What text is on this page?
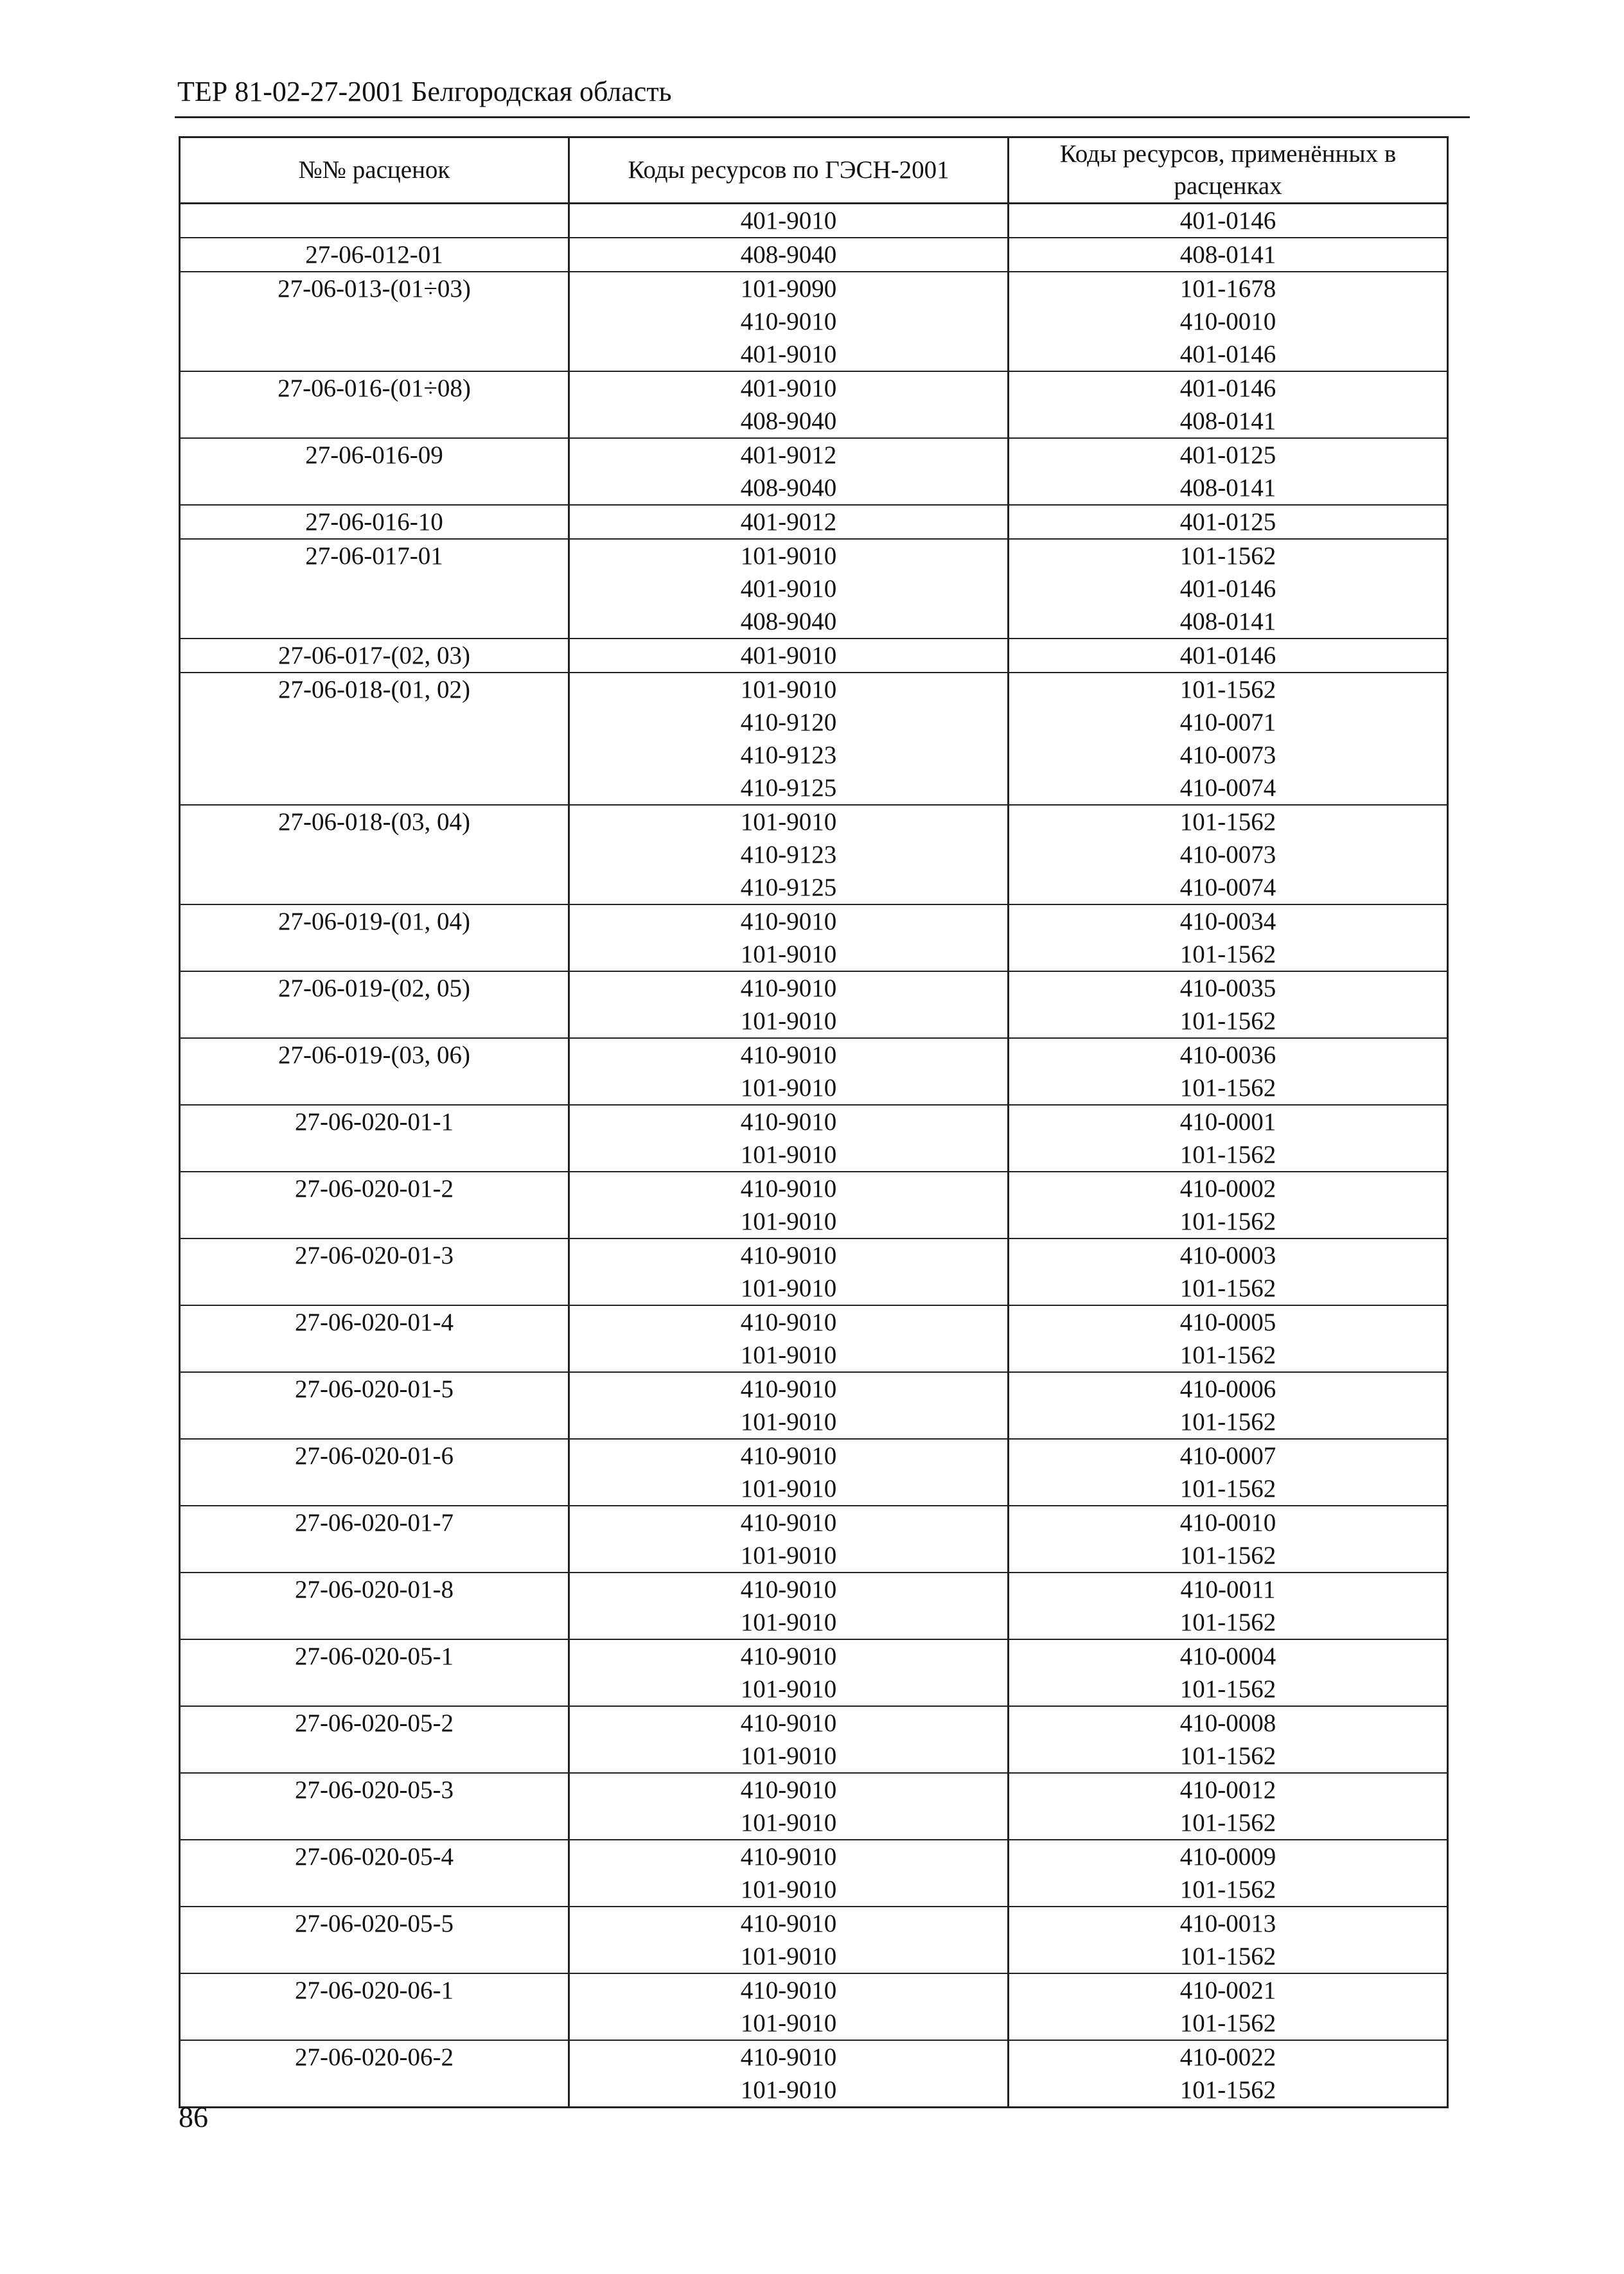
ТЕР 81-02-27-2001 Белгородская область
№№ расценок	Коды ресурсов по ГЭСН-2001	Коды ресурсов, применённых в расценках
	401-9010	401-0146
27-06-012-01	408-9040	408-0141
27-06-013-(01÷03)	101-9090	101-1678
	410-9010	410-0010
	401-9010	401-0146
27-06-016-(01÷08)	401-9010	401-0146
	408-9040	408-0141
27-06-016-09	401-9012	401-0125
	408-9040	408-0141
27-06-016-10	401-9012	401-0125
27-06-017-01	101-9010	101-1562
	401-9010	401-0146
	408-9040	408-0141
27-06-017-(02, 03)	401-9010	401-0146
27-06-018-(01, 02)	101-9010	101-1562
	410-9120	410-0071
	410-9123	410-0073
	410-9125	410-0074
27-06-018-(03, 04)	101-9010	101-1562
	410-9123	410-0073
	410-9125	410-0074
27-06-019-(01, 04)	410-9010	410-0034
	101-9010	101-1562
27-06-019-(02, 05)	410-9010	410-0035
	101-9010	101-1562
27-06-019-(03, 06)	410-9010	410-0036
	101-9010	101-1562
27-06-020-01-1	410-9010	410-0001
	101-9010	101-1562
27-06-020-01-2	410-9010	410-0002
	101-9010	101-1562
27-06-020-01-3	410-9010	410-0003
	101-9010	101-1562
27-06-020-01-4	410-9010	410-0005
	101-9010	101-1562
27-06-020-01-5	410-9010	410-0006
	101-9010	101-1562
27-06-020-01-6	410-9010	410-0007
	101-9010	101-1562
27-06-020-01-7	410-9010	410-0010
	101-9010	101-1562
27-06-020-01-8	410-9010	410-0011
	101-9010	101-1562
27-06-020-05-1	410-9010	410-0004
	101-9010	101-1562
27-06-020-05-2	410-9010	410-0008
	101-9010	101-1562
27-06-020-05-3	410-9010	410-0012
	101-9010	101-1562
27-06-020-05-4	410-9010	410-0009
	101-9010	101-1562
27-06-020-05-5	410-9010	410-0013
	101-9010	101-1562
27-06-020-06-1	410-9010	410-0021
	101-9010	101-1562
27-06-020-06-2	410-9010	410-0022
	101-9010	101-1562
86
